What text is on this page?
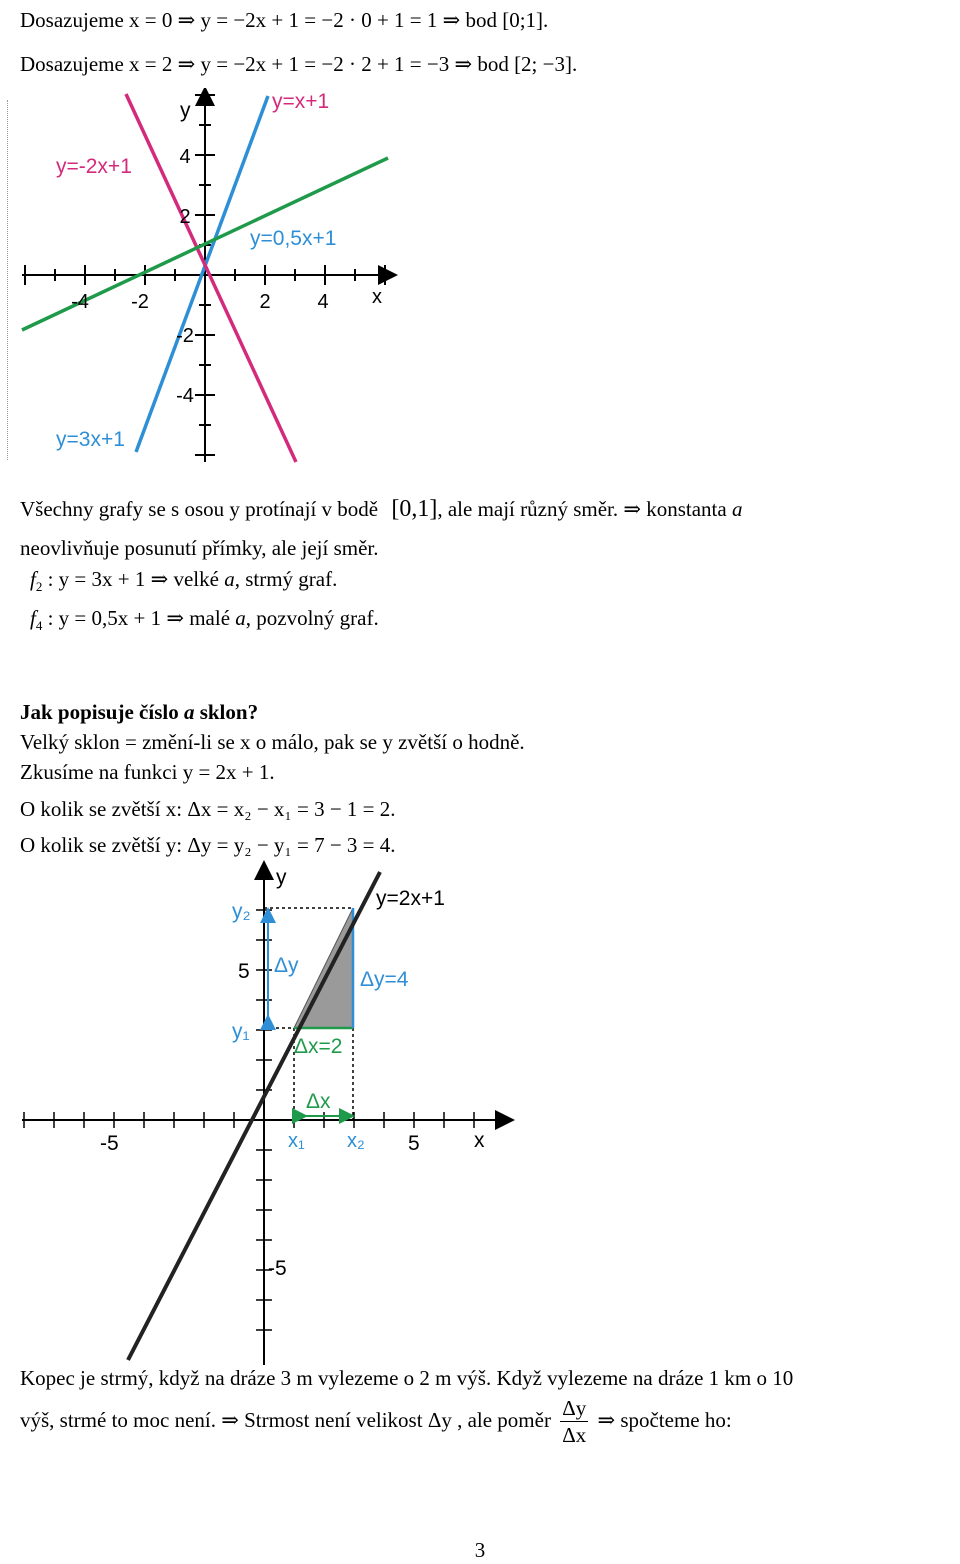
Dosazujeme x = 0 ⇒ y = −2x + 1 = −2 · 0 + 1 = 1 ⇒ bod [0;1].
Dosazujeme x = 2 ⇒ y = −2x + 1 = −2 · 2 + 1 = −3 ⇒ bod [2; −3].
-4 -2	2 4
4
2
-2
-4
x
y	y=x+1
y=-2x+1
y=0,5x+1
y=3x+1
Všechny grafy se s osou y protínají v bodě [0,1], ale mají různý směr. ⇒ konstanta a
neovlivňuje posunutí přímky, ale její směr.
$f_2$ : y = 3x + 1 ⇒ velké a, strmý graf.
$f_4$ : y = 0,5x + 1 ⇒ malé a, pozvolný graf.
Jak popisuje číslo a sklon?
Velký sklon = změní-li se x o málo, pak se y zvětší o hodně.
Zkusíme na funkci y = 2x + 1.
O kolik se zvětší x: Δx = x₂ − x₁ = 3 − 1 = 2.
O kolik se zvětší y: Δy = y₂ − y₁ = 7 − 3 = 4.
y=2x+1
y
x
y₂
y₁
5
-5
-5	5
x₁ x₂
Δy
Δy=4
Δx=2
Δx
Kopec je strmý, když na dráze 3 m vylezeme o 2 m výš. Když vylezeme na dráze 1 km o 10
výš, strmé to moc není. ⇒ Strmost není velikost Δy , ale poměr $\frac{\Delta y}{\Delta x}$ ⇒ spočteme ho:
3
